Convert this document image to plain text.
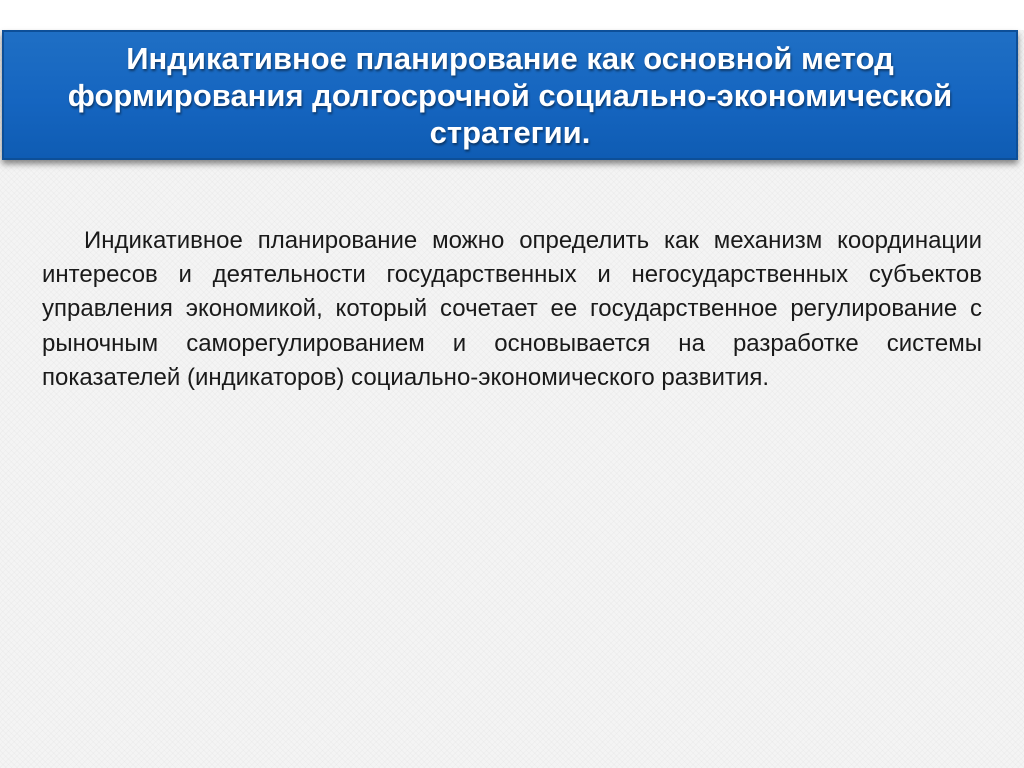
Индикативное планирование как основной метод формирования долгосрочной социально-экономической стратегии.

Индикативное планирование можно определить как механизм координации интересов и деятельности государственных и негосударственных субъектов управления экономикой, который сочетает ее государственное регулирование с рыночным саморегулированием и основывается на разработке системы показателей (индикаторов) социально-экономического развития.
